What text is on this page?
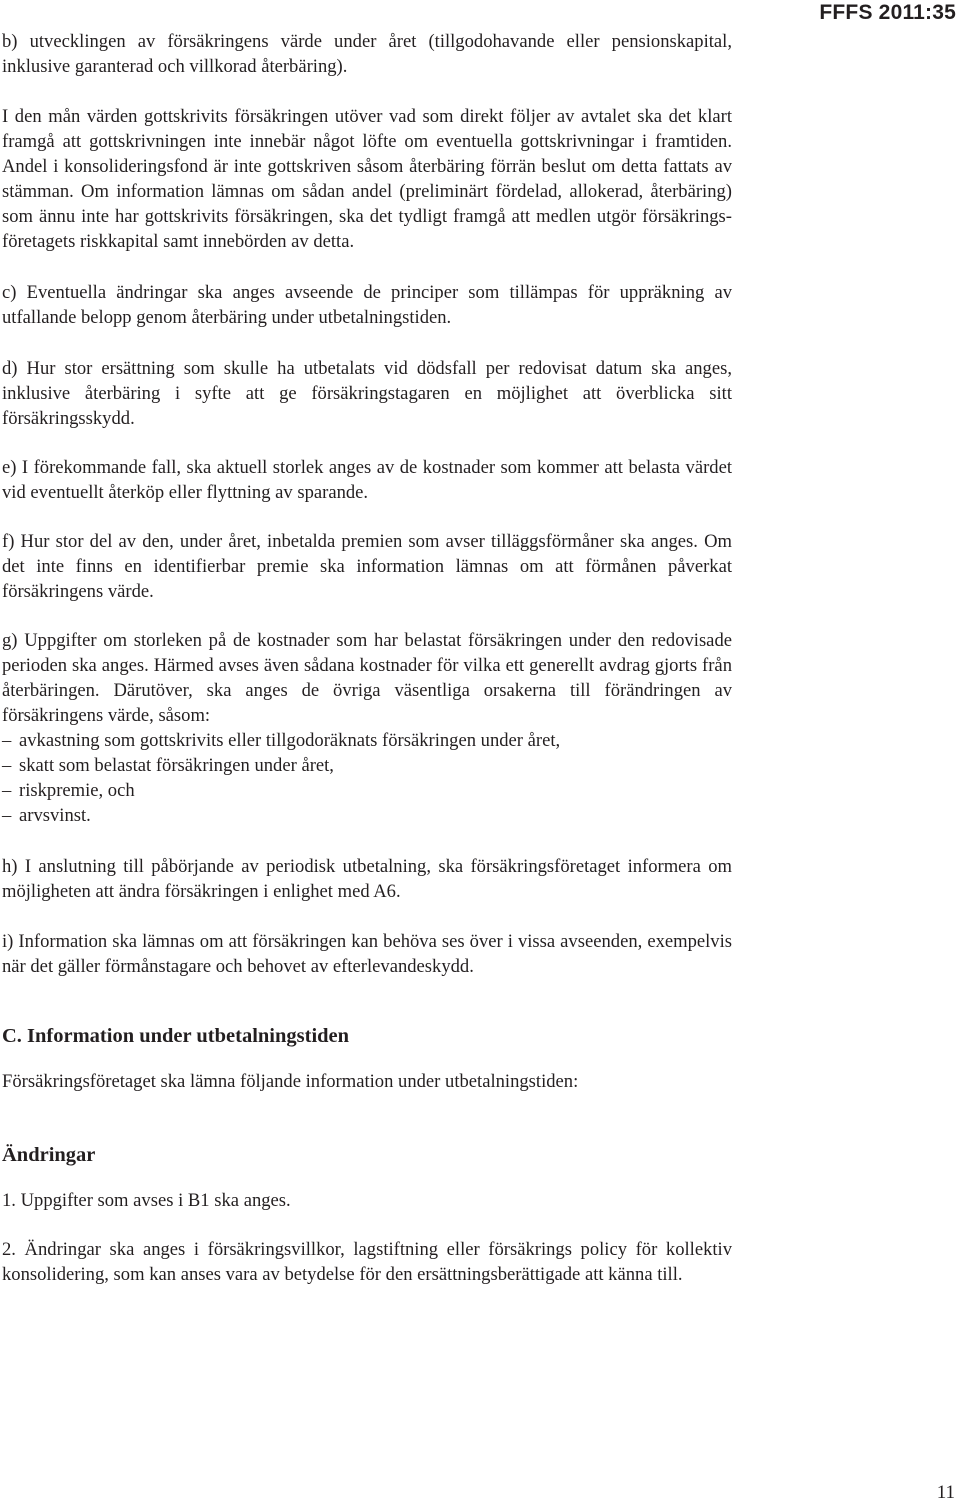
FFFS 2011:35

b) utvecklingen av försäkringens värde under året (tillgodohavande eller pensionskapital, inklusive garanterad och villkorad återbäring).

I den mån värden gottskrivits försäkringen utöver vad som direkt följer av avtalet ska det klart framgå att gottskrivningen inte innebär något löfte om eventuella gottskrivningar i framtiden. Andel i konsolideringsfond är inte gottskriven såsom återbäring förrän beslut om detta fattats av stämman. Om information lämnas om sådan andel (preliminärt fördelad, allokerad, återbäring) som ännu inte har gottskrivits försäkringen, ska det tydligt framgå att medlen utgör försäkringsföretagets riskkapital samt innebörden av detta.

c) Eventuella ändringar ska anges avseende de principer som tillämpas för uppräkning av utfallande belopp genom återbäring under utbetalningstiden.

d) Hur stor ersättning som skulle ha utbetalats vid dödsfall per redovisat datum ska anges, inklusive återbäring i syfte att ge försäkringstagaren en möjlighet att överblicka sitt försäkringsskydd.

e) I förekommande fall, ska aktuell storlek anges av de kostnader som kommer att belasta värdet vid eventuellt återköp eller flyttning av sparande.

f) Hur stor del av den, under året, inbetalda premien som avser tilläggsförmåner ska anges. Om det inte finns en identifierbar premie ska information lämnas om att förmånen påverkat försäkringens värde.

g) Uppgifter om storleken på de kostnader som har belastat försäkringen under den redovisade perioden ska anges. Härmed avses även sådana kostnader för vilka ett generellt avdrag gjorts från återbäringen. Därutöver, ska anges de övriga väsentliga orsakerna till förändringen av försäkringens värde, såsom:

– avkastning som gottskrivits eller tillgodoräknats försäkringen under året,
– skatt som belastat försäkringen under året,
– riskpremie, och
– arvsvinst.

h) I anslutning till påbörjande av periodisk utbetalning, ska försäkringsföretaget informera om möjligheten att ändra försäkringen i enlighet med A6.

i) Information ska lämnas om att försäkringen kan behöva ses över i vissa avseenden, exempelvis när det gäller förmånstagare och behovet av efterlevandeskydd.

C. Information under utbetalningstiden

Försäkringsföretaget ska lämna följande information under utbetalningstiden:

Ändringar

1. Uppgifter som avses i B1 ska anges.

2. Ändringar ska anges i försäkringsvillkor, lagstiftning eller försäkrings policy för kollektiv konsolidering, som kan anses vara av betydelse för den ersättningsberättigade att känna till.

11
